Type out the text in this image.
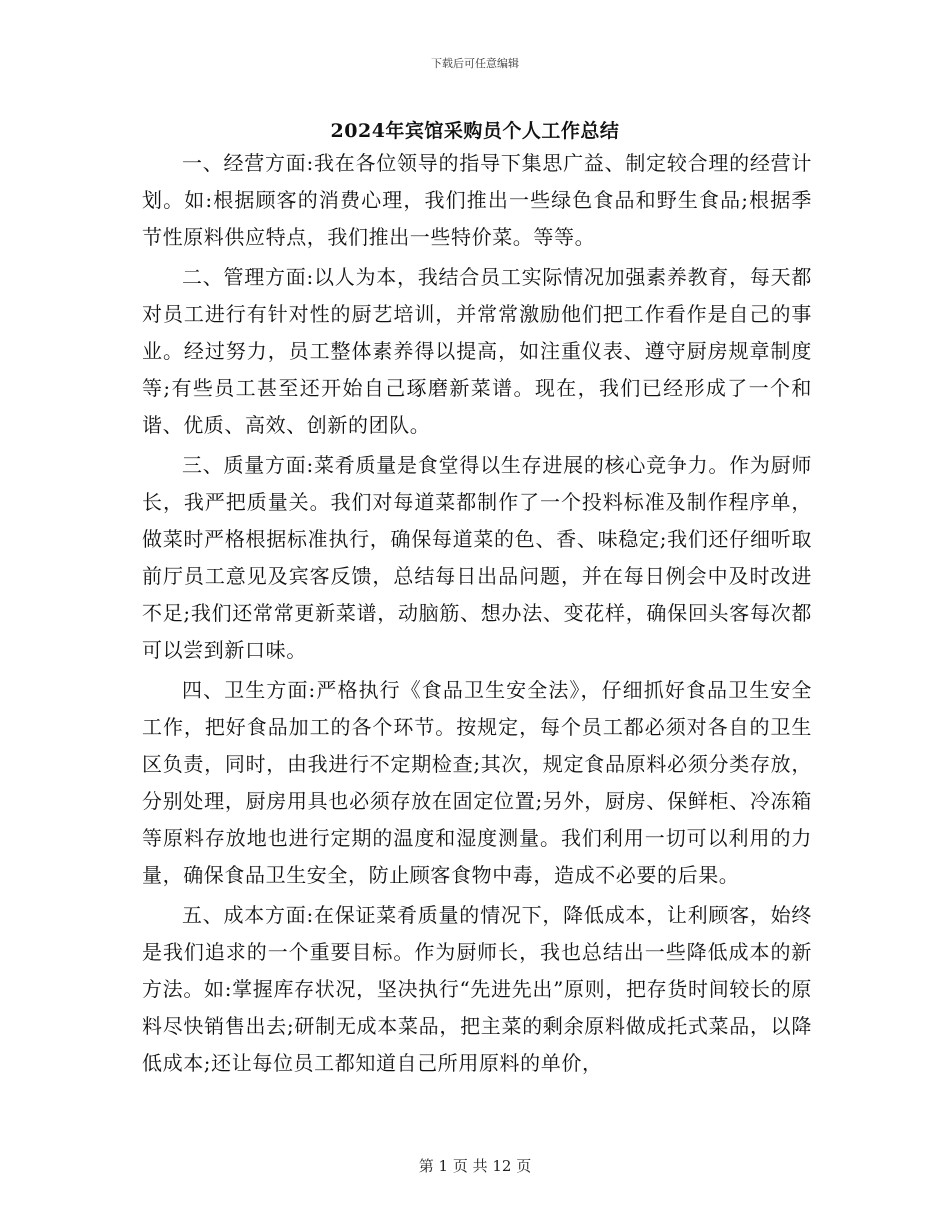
下载后可任意编辑
2024年宾馆采购员个人工作总结

一、经营方面:我在各位领导的指导下集思广益、制定较合理的经营计划。如:根据顾客的消费心理，我们推出一些绿色食品和野生食品;根据季节性原料供应特点，我们推出一些特价菜。等等。

二、管理方面:以人为本，我结合员工实际情况加强素养教育，每天都对员工进行有针对性的厨艺培训，并常常激励他们把工作看作是自己的事业。经过努力，员工整体素养得以提高，如注重仪表、遵守厨房规章制度等;有些员工甚至还开始自己琢磨新菜谱。现在，我们已经形成了一个和谐、优质、高效、创新的团队。

三、质量方面:菜肴质量是食堂得以生存进展的核心竞争力。作为厨师长，我严把质量关。我们对每道菜都制作了一个投料标准及制作程序单，做菜时严格根据标准执行，确保每道菜的色、香、味稳定;我们还仔细听取前厅员工意见及宾客反馈，总结每日出品问题，并在每日例会中及时改进不足;我们还常常更新菜谱，动脑筋、想办法、变花样，确保回头客每次都可以尝到新口味。

四、卫生方面:严格执行《食品卫生安全法》，仔细抓好食品卫生安全工作，把好食品加工的各个环节。按规定，每个员工都必须对各自的卫生区负责，同时，由我进行不定期检查;其次，规定食品原料必须分类存放，分别处理，厨房用具也必须存放在固定位置;另外，厨房、保鲜柜、冷冻箱等原料存放地也进行定期的温度和湿度测量。我们利用一切可以利用的力量，确保食品卫生安全，防止顾客食物中毒，造成不必要的后果。

五、成本方面:在保证菜肴质量的情况下，降低成本，让利顾客，始终是我们追求的一个重要目标。作为厨师长，我也总结出一些降低成本的新方法。如:掌握库存状况，坚决执行“先进先出”原则，把存货时间较长的原料尽快销售出去;研制无成本菜品，把主菜的剩余原料做成托式菜品，以降低成本;还让每位员工都知道自己所用原料的单价，

第 1 页 共 12 页
